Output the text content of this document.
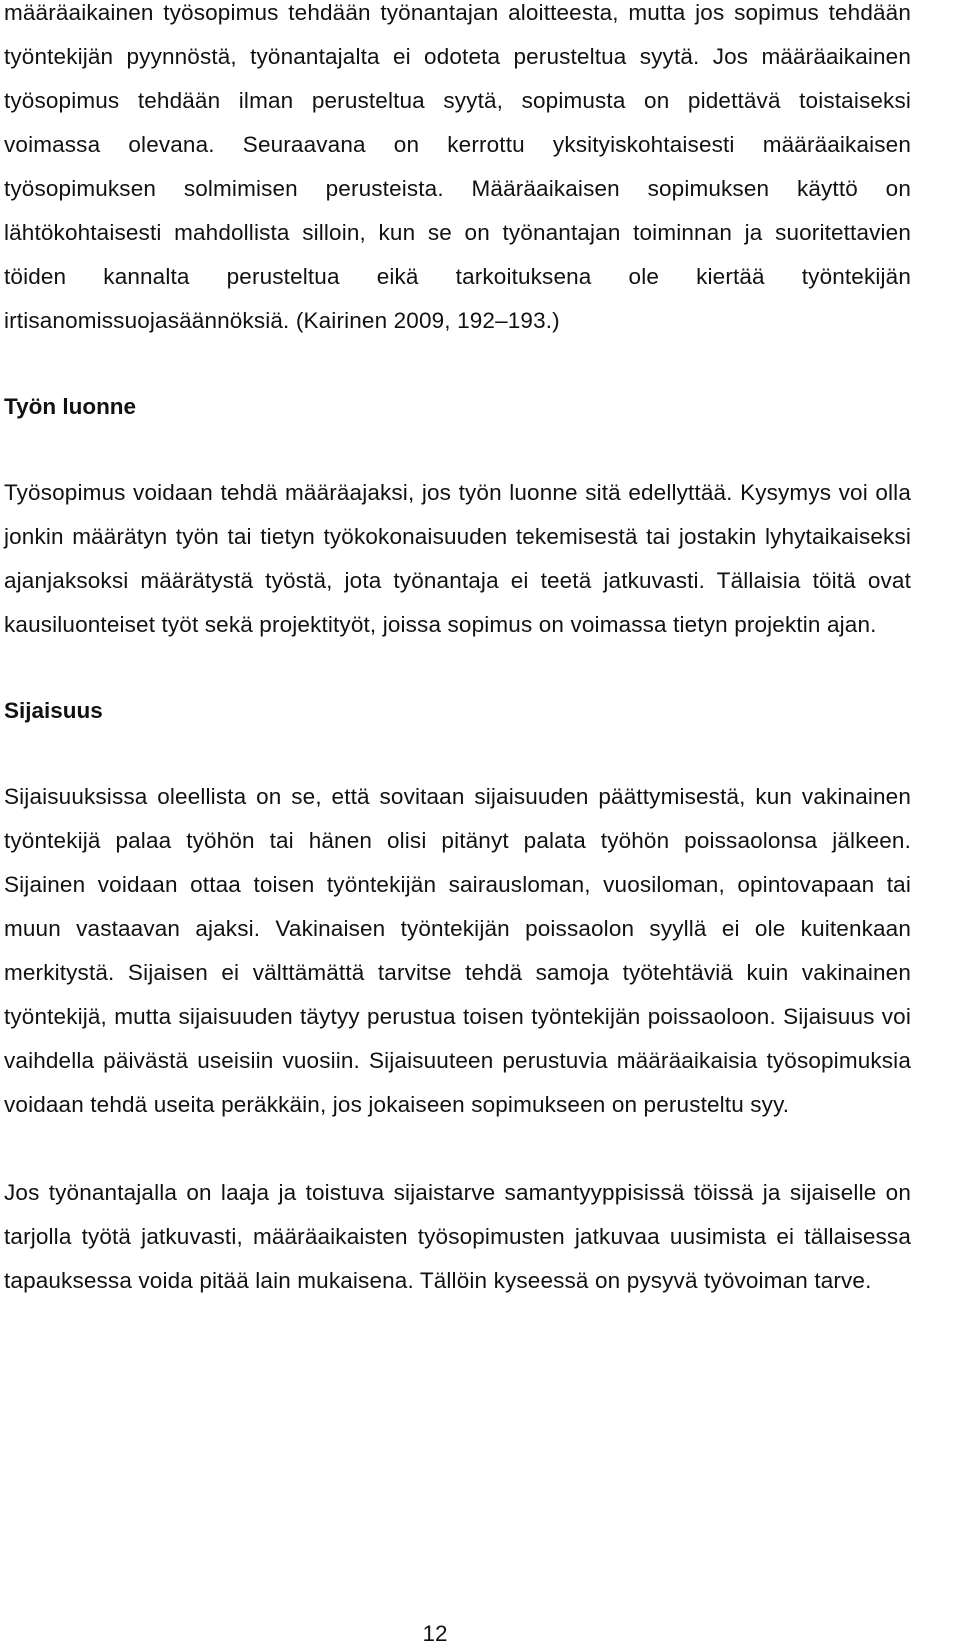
määräaikainen työsopimus tehdään työnantajan aloitteesta, mutta jos sopimus tehdään työntekijän pyynnöstä, työnantajalta ei odoteta perusteltua syytä. Jos määräaikainen työsopimus tehdään ilman perusteltua syytä, sopimusta on pidettävä toistaiseksi voimassa olevana. Seuraavana on kerrottu yksityiskohtaisesti määräaikaisen työsopimuksen solmimisen perusteista. Määräaikaisen sopimuksen käyttö on lähtökohtaisesti mahdollista silloin, kun se on työnantajan toiminnan ja suoritettavien töiden kannalta perusteltua eikä tarkoituksena ole kiertää työntekijän irtisanomissuojasäännöksiä. (Kairinen 2009, 192–193.)

Työn luonne

Työsopimus voidaan tehdä määräajaksi, jos työn luonne sitä edellyttää. Kysymys voi olla jonkin määrätyn työn tai tietyn työkokonaisuuden tekemisestä tai jostakin lyhytaikaiseksi ajanjaksoksi määrätystä työstä, jota työnantaja ei teetä jatkuvasti. Tällaisia töitä ovat kausiluonteiset työt sekä projektityöt, joissa sopimus on voimassa tietyn projektin ajan.

Sijaisuus

Sijaisuuksissa oleellista on se, että sovitaan sijaisuuden päättymisestä, kun vakinainen työntekijä palaa työhön tai hänen olisi pitänyt palata työhön poissaolonsa jälkeen. Sijainen voidaan ottaa toisen työntekijän sairausloman, vuosiloman, opintovapaan tai muun vastaavan ajaksi. Vakinaisen työntekijän poissaolon syyllä ei ole kuitenkaan merkitystä. Sijaisen ei välttämättä tarvitse tehdä samoja työtehtäviä kuin vakinainen työntekijä, mutta sijaisuuden täytyy perustua toisen työntekijän poissaoloon. Sijaisuus voi vaihdella päivästä useisiin vuosiin. Sijaisuuteen perustuvia määräaikaisia työsopimuksia voidaan tehdä useita peräkkäin, jos jokaiseen sopimukseen on perusteltu syy.

Jos työnantajalla on laaja ja toistuva sijaistarve samantyyppisissä töissä ja sijaiselle on tarjolla työtä jatkuvasti, määräaikaisten työsopimusten jatkuvaa uusimista ei tällaisessa tapauksessa voida pitää lain mukaisena. Tällöin kyseessä on pysyvä työvoiman tarve.

12
